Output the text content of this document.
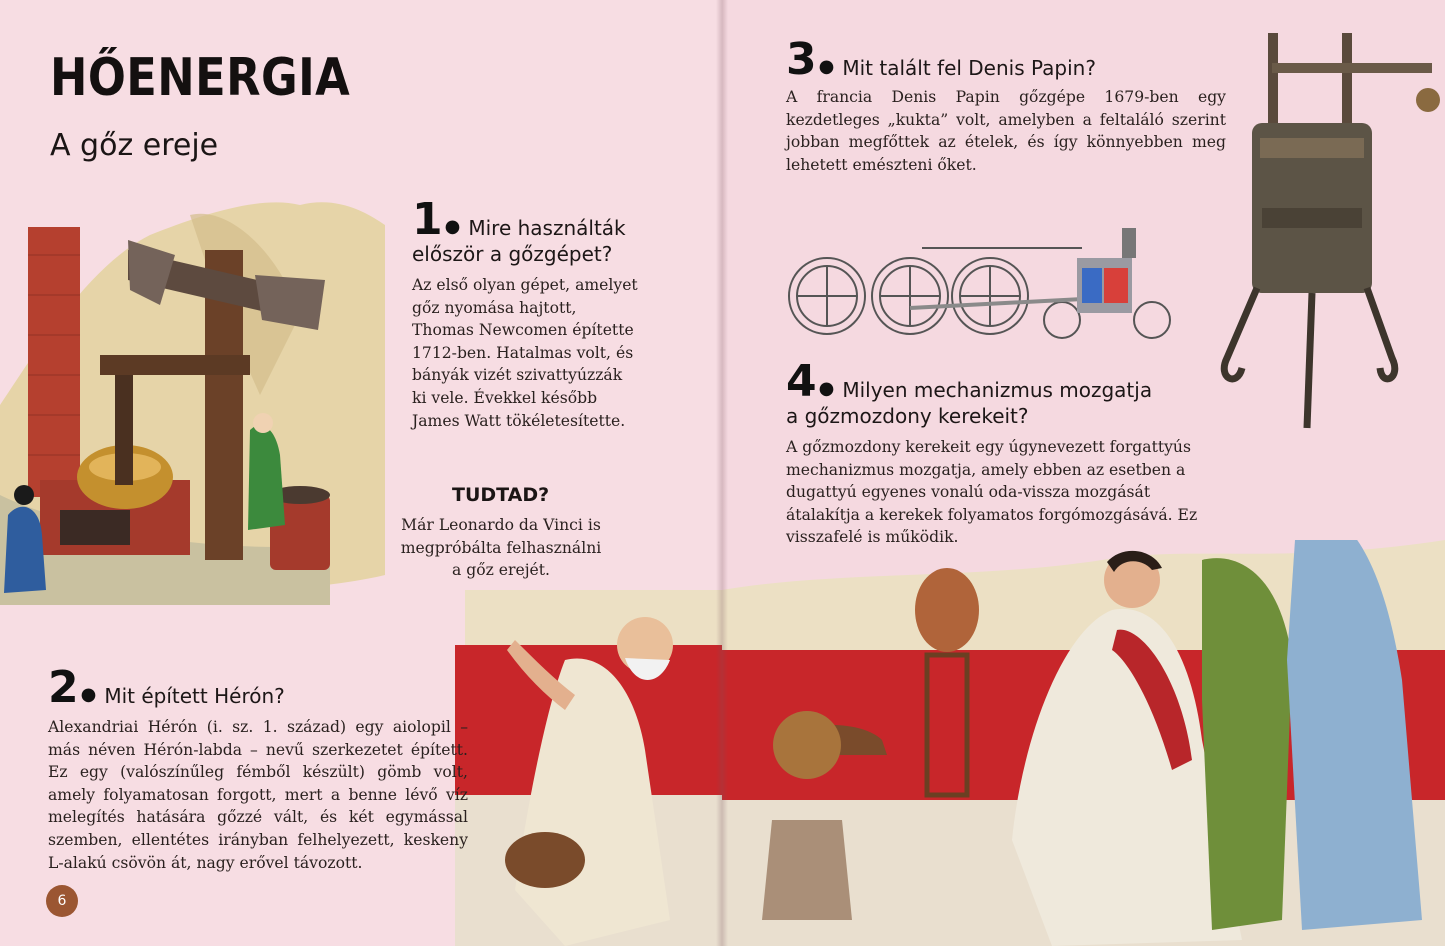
HŐENERGIA
A gőz ereje
1 ● Mire használták
először a gőzgépet?
Az első olyan gépet, amelyet gőz nyomása hajtott, Thomas Newcomen építette 1712-ben. Hatalmas volt, és bányák vizét szivattyúzzák ki vele. Évekkel később James Watt tökéletesítette.
TUDTAD?
Már Leonardo da Vinci is megpróbálta felhasználni a gőz erejét.
2 ● Mit épített Hérón?
Alexandriai Hérón (i. sz. 1. század) egy aiolopil – más néven Hérón-labda – nevű szerkezetet épített. Ez egy (valószínűleg fémből készült) gömb volt, amely folyamatosan forgott, mert a benne lévő víz melegítés hatására gőzzé vált, és két egymással szemben, ellentétes irányban felhelyezett, keskeny L-alakú csövön át, nagy erővel távozott.
6
3 ● Mit talált fel Denis Papin?
A francia Denis Papin gőzgépe 1679-ben egy kezdetleges „kukta” volt, amelyben a feltaláló szerint jobban megfőttek az ételek, és így könnyebben meg lehetett emészteni őket.
4 ● Milyen mechanizmus mozgatja
a gőzmozdony kerekeit?
A gőzmozdony kerekeit egy úgynevezett forgattyús mechanizmus mozgatja, amely ebben az esetben a dugattyú egyenes vonalú oda-vissza mozgását átalakítja a kerekek folyamatos forgómozgásává. Ez visszafelé is működik.
